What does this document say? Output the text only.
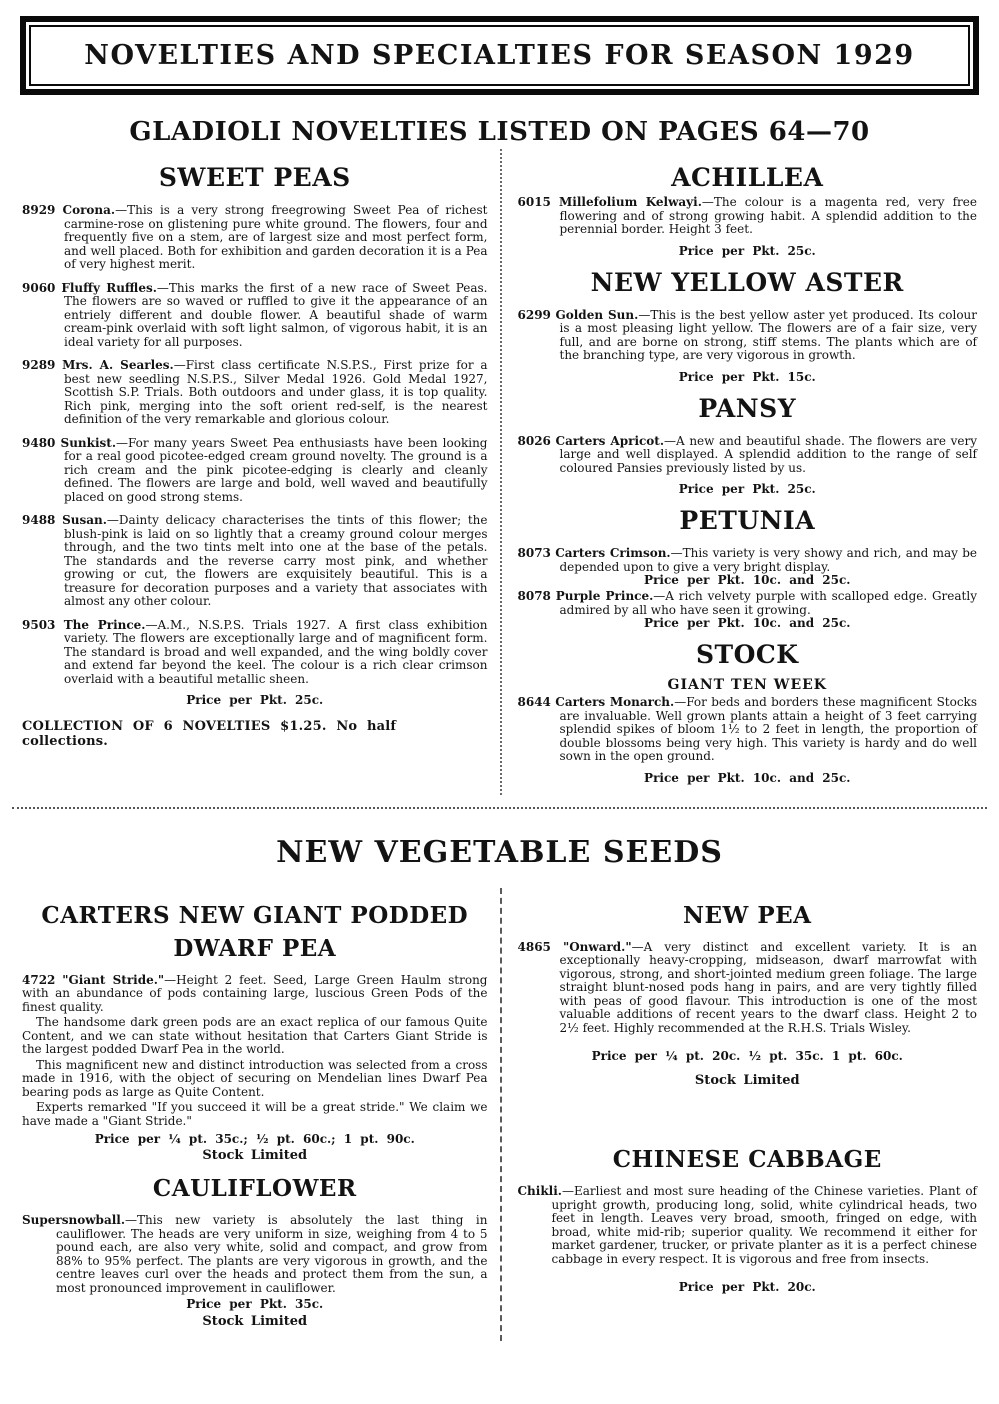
NOVELTIES AND SPECIALTIES FOR SEASON 1929
GLADIOLI NOVELTIES LISTED ON PAGES 64—70
SWEET PEAS
8929 Corona.—This is a very strong freegrowing Sweet Pea of richest carmine-rose on glistening pure white ground. The flowers, four and frequently five on a stem, are of largest size and most perfect form, and well placed. Both for exhibition and garden decoration it is a Pea of very highest merit.
9060 Fluffy Ruffles.—This marks the first of a new race of Sweet Peas. The flowers are so waved or ruffled to give it the appearance of an entriely different and double flower. A beautiful shade of warm cream-pink overlaid with soft light salmon, of vigorous habit, it is an ideal variety for all purposes.
9289 Mrs. A. Searles.—First class certificate N.S.P.S., First prize for a best new seedling N.S.P.S., Silver Medal 1926. Gold Medal 1927, Scottish S.P. Trials. Both outdoors and under glass, it is top quality. Rich pink, merging into the soft orient red-self, is the nearest definition of the very remarkable and glorious colour.
9480 Sunkist.—For many years Sweet Pea enthusiasts have been looking for a real good picotee-edged cream ground novelty. The ground is a rich cream and the pink picotee-edging is clearly and cleanly defined. The flowers are large and bold, well waved and beautifully placed on good strong stems.
9488 Susan.—Dainty delicacy characterises the tints of this flower; the blush-pink is laid on so lightly that a creamy ground colour merges through, and the two tints melt into one at the base of the petals. The standards and the reverse carry most pink, and whether growing or cut, the flowers are exquisitely beautiful. This is a treasure for decoration purposes and a variety that associates with almost any other colour.
9503 The Prince.—A.M., N.S.P.S. Trials 1927. A first class exhibition variety. The flowers are exceptionally large and of magnificent form. The standard is broad and well expanded, and the wing boldly cover and extend far beyond the keel. The colour is a rich clear crimson overlaid with a beautiful metallic sheen.
Price per Pkt. 25c.
COLLECTION OF 6 NOVELTIES $1.25. No half collections.
ACHILLEA
6015 Millefolium Kelwayi.—The colour is a magenta red, very free flowering and of strong growing habit. A splendid addition to the perennial border. Height 3 feet.
Price per Pkt. 25c.
NEW YELLOW ASTER
6299 Golden Sun.—This is the best yellow aster yet produced. Its colour is a most pleasing light yellow. The flowers are of a fair size, very full, and are borne on strong, stiff stems. The plants which are of the branching type, are very vigorous in growth.
Price per Pkt. 15c.
PANSY
8026 Carters Apricot.—A new and beautiful shade. The flowers are very large and well displayed. A splendid addition to the range of self coloured Pansies previously listed by us.
Price per Pkt. 25c.
PETUNIA
8073 Carters Crimson.—This variety is very showy and rich, and may be depended upon to give a very bright display.
Price per Pkt. 10c. and 25c.
8078 Purple Prince.—A rich velvety purple with scalloped edge. Greatly admired by all who have seen it growing.
Price per Pkt. 10c. and 25c.
STOCK
GIANT TEN WEEK
8644 Carters Monarch.—For beds and borders these magnificent Stocks are invaluable. Well grown plants attain a height of 3 feet carrying splendid spikes of bloom 1½ to 2 feet in length, the proportion of double blossoms being very high. This variety is hardy and do well sown in the open ground.
Price per Pkt. 10c. and 25c.
NEW VEGETABLE SEEDS
CARTERS NEW GIANT PODDED
DWARF PEA

4722 "Giant Stride."—Height 2 feet. Seed, Large Green Haulm strong with an abundance of pods containing large, luscious Green Pods of the finest quality.

The handsome dark green pods are an exact replica of our famous Quite Content, and we can state without hesitation that Carters Giant Stride is the largest podded Dwarf Pea in the world.

This magnificent new and distinct introduction was selected from a cross made in 1916, with the object of securing on Mendelian lines Dwarf Pea bearing pods as large as Quite Content.

Experts remarked "If you succeed it will be a great stride." We claim we have made a "Giant Stride."

Price per ¼ pt. 35c.; ½ pt. 60c.; 1 pt. 90c.
Stock Limited
CAULIFLOWER
Supersnowball.—This new variety is absolutely the last thing in cauliflower. The heads are very uniform in size, weighing from 4 to 5 pound each, are also very white, solid and compact, and grow from 88% to 95% perfect. The plants are very vigorous in growth, and the centre leaves curl over the heads and protect them from the sun, a most pronounced improvement in cauliflower.
Price per Pkt. 35c.
Stock Limited
NEW PEA
4865 "Onward."—A very distinct and excellent variety. It is an exceptionally heavy-cropping, midseason, dwarf marrowfat with vigorous, strong, and short-jointed medium green foliage. The large straight blunt-nosed pods hang in pairs, and are very tightly filled with peas of good flavour. This introduction is one of the most valuable additions of recent years to the dwarf class. Height 2 to 2½ feet. Highly recommended at the R.H.S. Trials Wisley.
Price per ¼ pt. 20c. ½ pt. 35c. 1 pt. 60c.
Stock Limited
CHINESE CABBAGE
Chikli.—Earliest and most sure heading of the Chinese varieties. Plant of upright growth, producing long, solid, white cylindrical heads, two feet in length. Leaves very broad, smooth, fringed on edge, with broad, white mid-rib; superior quality. We recommend it either for market gardener, trucker, or private planter as it is a perfect chinese cabbage in every respect. It is vigorous and free from insects.
Price per Pkt. 20c.
